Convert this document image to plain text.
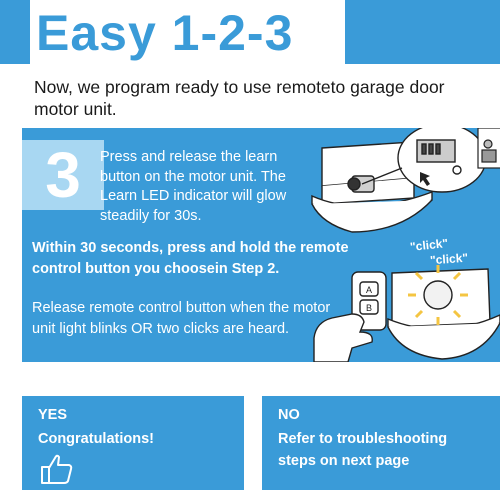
Easy 1-2-3
Now, we program ready to use remoteto garage door motor unit.
3 Press and release the learn button on the motor unit. The Learn LED indicator will glow steadily for 30s.
Within 30 seconds, press and hold the remote control button you choosein Step 2.
Release remote control button when the motor unit light blinks OR two clicks are heard.
"click"
"click"
A
B
YES
Congratulations!
NO
Refer to troubleshooting
steps on next page
